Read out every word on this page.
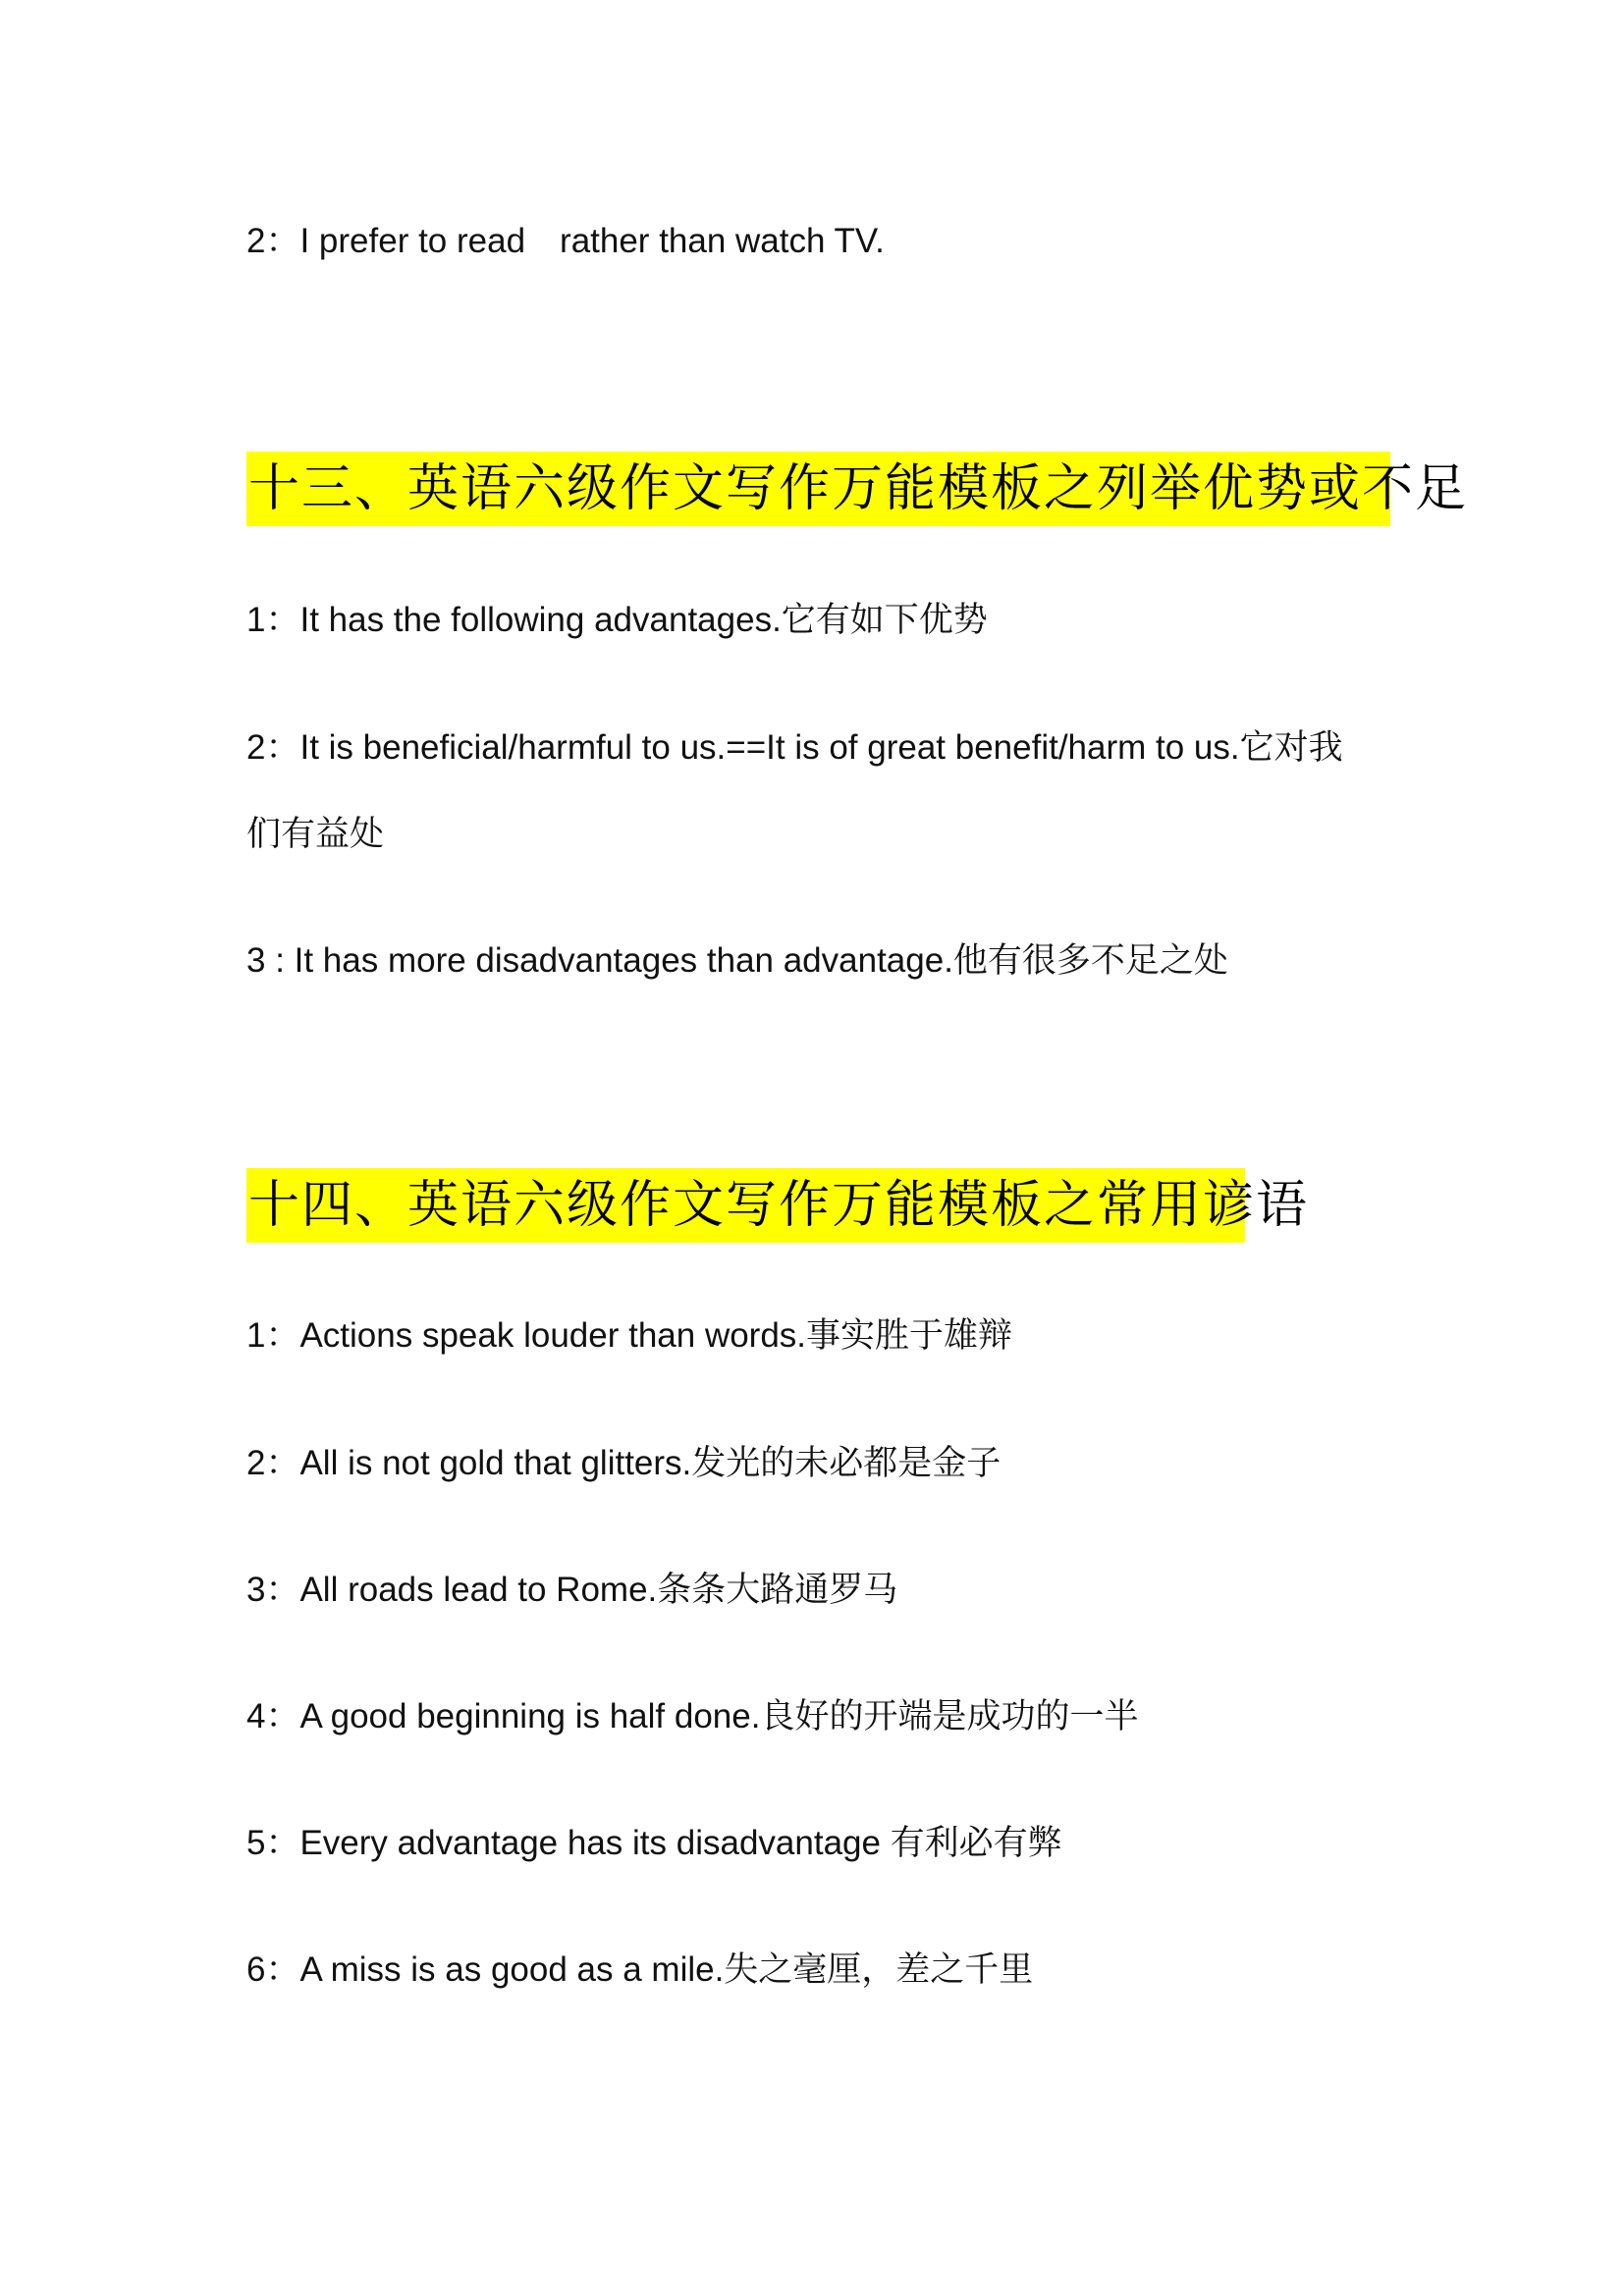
2：I prefer to read　rather than watch TV.
十三、英语六级作文写作万能模板之列举优势或不足
1：It has the following advantages.它有如下优势
2：It is beneficial/harmful to us.==It is of great benefit/harm to us.它对我
们有益处
3 : It has more disadvantages than advantage.他有很多不足之处
十四、英语六级作文写作万能模板之常用谚语
1：Actions speak louder than words.事实胜于雄辩
2：All is not gold that glitters.发光的未必都是金子
3：All roads lead to Rome.条条大路通罗马
4：A good beginning is half done.良好的开端是成功的一半
5：Every advantage has its disadvantage 有利必有弊
6：A miss is as good as a mile.失之毫厘，差之千里
